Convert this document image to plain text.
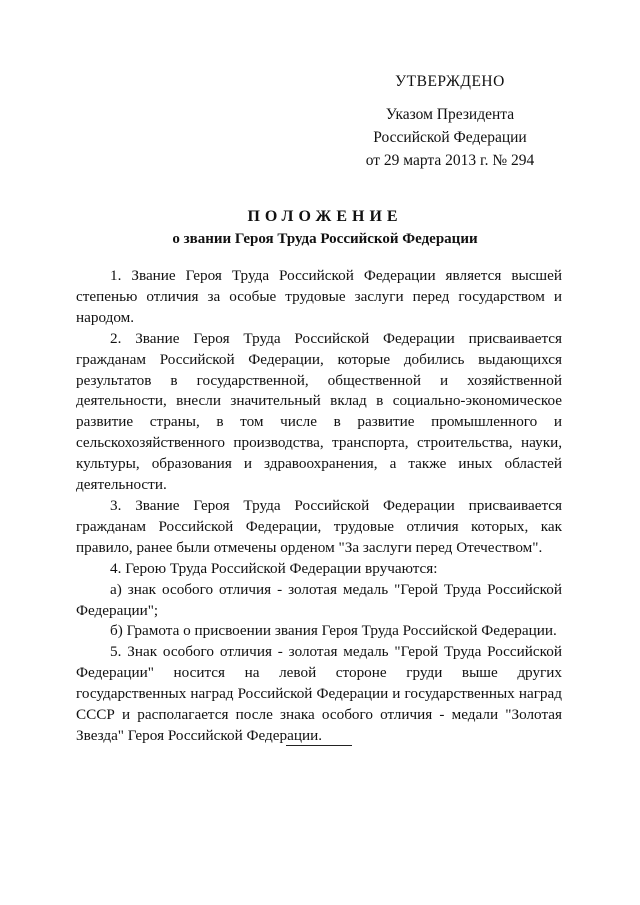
УТВЕРЖДЕНО
Указом Президента
Российской Федерации
от 29 марта 2013 г. № 294
ПОЛОЖЕНИЕ
о звании Героя Труда Российской Федерации

1. Звание Героя Труда Российской Федерации является высшей степенью отличия за особые трудовые заслуги перед государством и народом.

2. Звание Героя Труда Российской Федерации присваивается гражданам Российской Федерации, которые добились выдающихся результатов в государственной, общественной и хозяйственной деятельности, внесли значительный вклад в социально-экономическое развитие страны, в том числе в развитие промышленного и сельскохозяйственного производства, транспорта, строительства, науки, культуры, образования и здравоохранения, а также иных областей деятельности.

3. Звание Героя Труда Российской Федерации присваивается гражданам Российской Федерации, трудовые отличия которых, как правило, ранее были отмечены орденом "За заслуги перед Отечеством".

4. Герою Труда Российской Федерации вручаются:

а) знак особого отличия - золотая медаль "Герой Труда Российской Федерации";

б) Грамота о присвоении звания Героя Труда Российской Федерации.

5. Знак особого отличия - золотая медаль "Герой Труда Российской Федерации" носится на левой стороне груди выше других государственных наград Российской Федерации и государственных наград СССР и располагается после знака особого отличия - медали "Золотая Звезда" Героя Российской Федерации.
